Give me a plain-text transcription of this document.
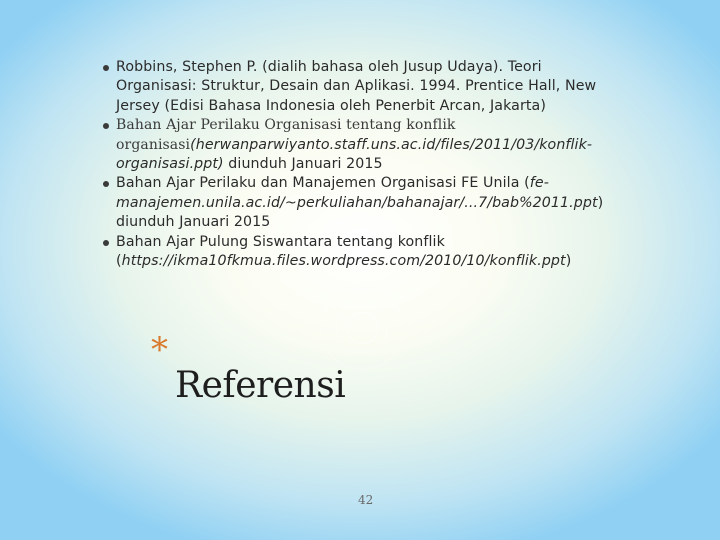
Robbins, Stephen P. (dialih bahasa oleh Jusup Udaya). Teori Organisasi: Struktur, Desain dan Aplikasi. 1994. Prentice Hall, New Jersey (Edisi Bahasa Indonesia oleh Penerbit Arcan, Jakarta)
Bahan Ajar Perilaku Organisasi tentang konflik organisasi(herwanparwiyanto.staff.uns.ac.id/files/2011/03/konflik-organisasi.ppt) diunduh Januari 2015
Bahan Ajar Perilaku dan Manajemen Organisasi FE Unila (fe-manajemen.unila.ac.id/~perkuliahan/bahanajar/...7/bab%2011.ppt) diunduh Januari 2015
Bahan Ajar Pulung Siswantara tentang konflik (https://ikma10fkmua.files.wordpress.com/2010/10/konflik.ppt)
*
Referensi
42
